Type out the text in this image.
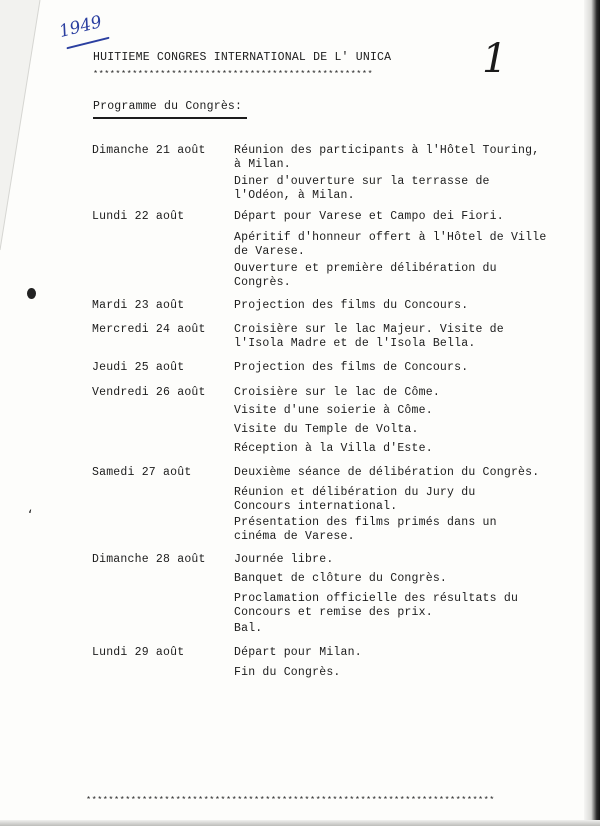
‘
1949
1
HUITIEME CONGRES INTERNATIONAL DE L' UNICA
**************************************************
Programme du Congrès:
Dimanche 21 août Réunion des participants à l'Hôtel Touring,
à Milan.
Diner d'ouverture sur la terrasse de
l'Odéon, à Milan.
Lundi 22 août	Départ pour Varese et Campo dei Fiori.
Apéritif d'honneur offert à l'Hôtel de Ville
de Varese.
Ouverture et première délibération du
Congrès.
Mardi 23 août	Projection des films du Concours.
Mercredi 24 août Croisière sur le lac Majeur. Visite de
l'Isola Madre et de l'Isola Bella.
Jeudi 25 août	Projection des films de Concours.
Vendredi 26 août Croisière sur le lac de Côme.
Visite d'une soierie à Côme.
Visite du Temple de Volta.
Réception à la Villa d'Este.
Samedi 27 août	Deuxième séance de délibération du Congrès.
Réunion et délibération du Jury du
Concours international.
Présentation des films primés dans un
cinéma de Varese.
Dimanche 28 août Journée libre.
Banquet de clôture du Congrès.
Proclamation officielle des résultats du
Concours et remise des prix.
Bal.
Lundi 29 août	Départ pour Milan.
Fin du Congrès.
*************************************************************************
